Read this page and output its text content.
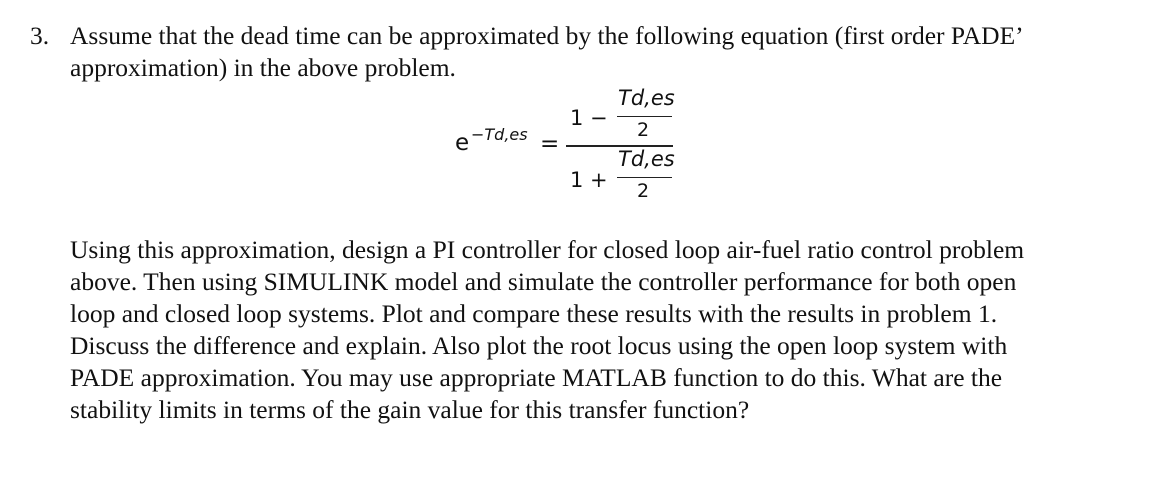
3. Assume that the dead time can be approximated by the following equation (first order PADE’
approximation) in the above problem.
Using this approximation, design a PI controller for closed loop air-fuel ratio control problem
above. Then using SIMULINK model and simulate the controller performance for both open
loop and closed loop systems. Plot and compare these results with the results in problem 1.
Discuss the difference and explain. Also plot the root locus using the open loop system with
PADE approximation. You may use appropriate MATLAB function to do this. What are the
stability limits in terms of the gain value for this transfer function?
e −Td,es =
1 −
Td,es
2
1 +
Td,es
2
